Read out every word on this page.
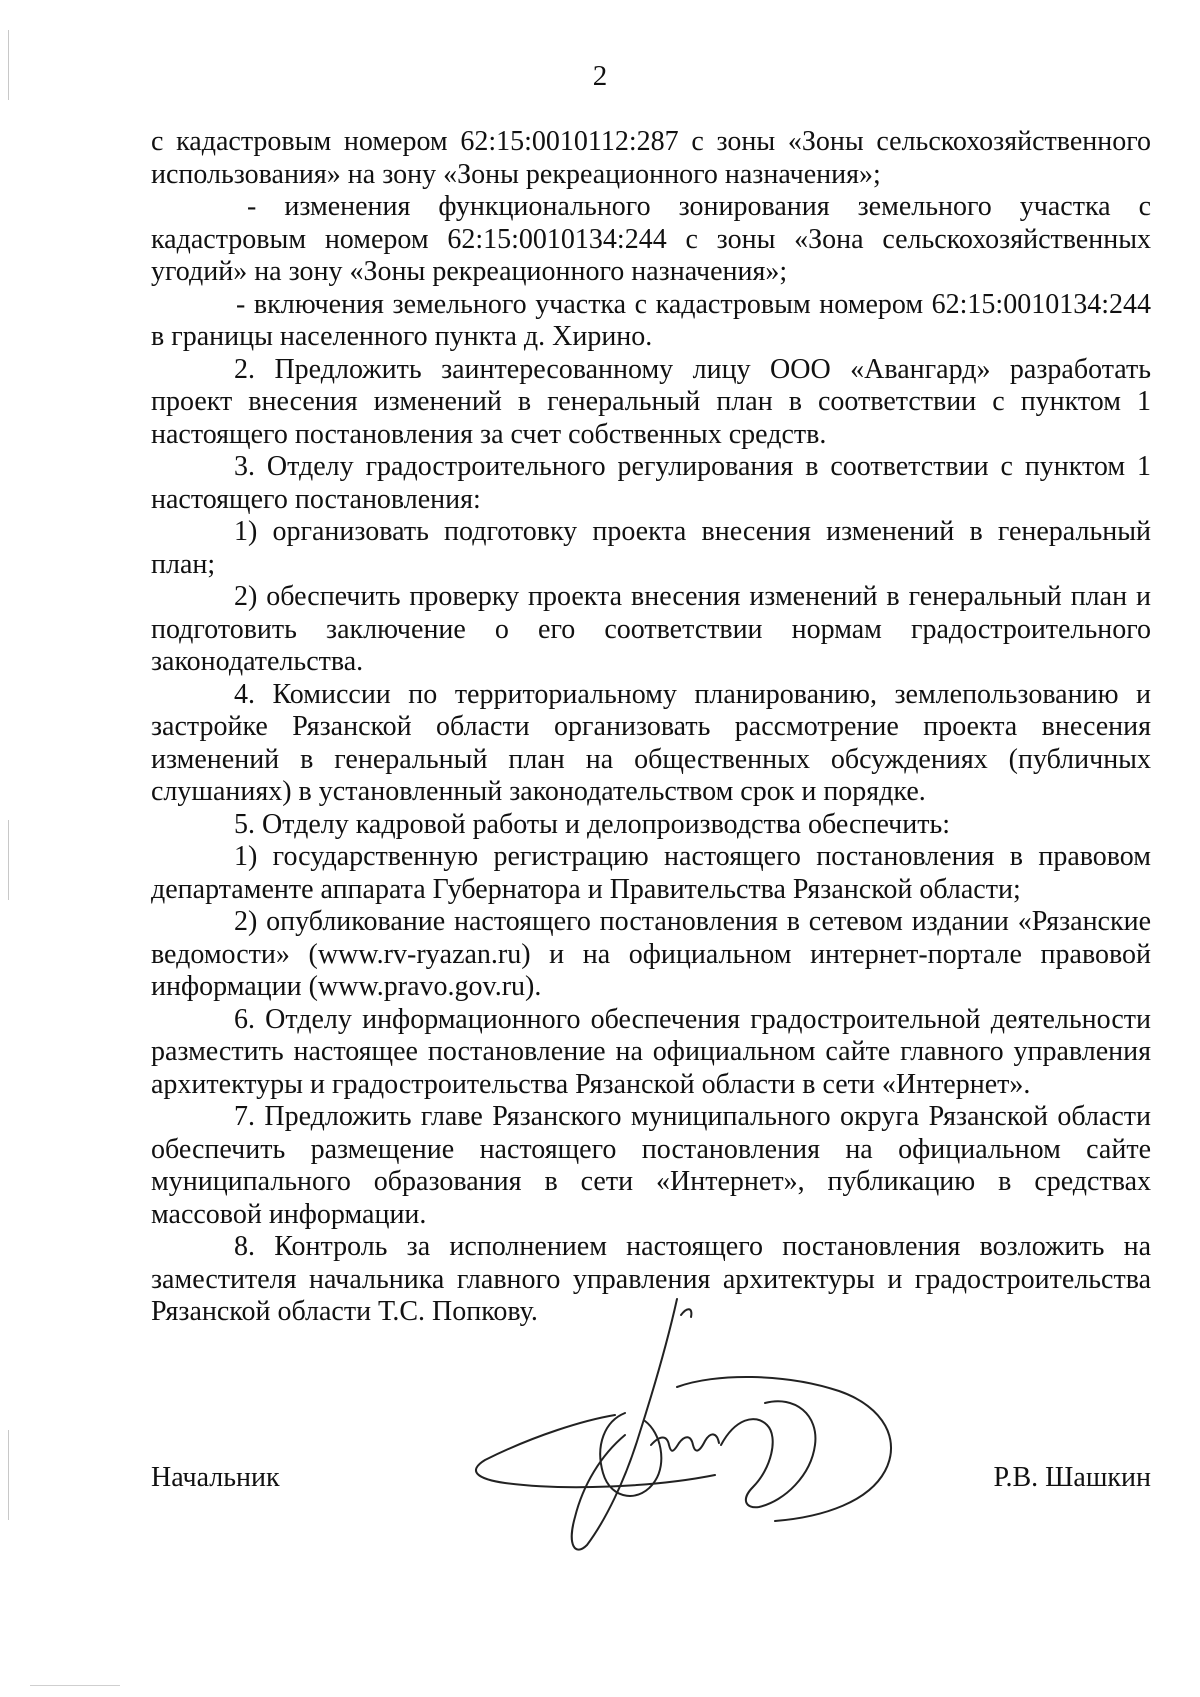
2

с кадастровым номером 62:15:0010112:287 с зоны «Зоны сельскохозяйственного использования» на зону «Зоны рекреационного назначения»;

- изменения функционального зонирования земельного участка с кадастровым номером 62:15:0010134:244 с зоны «Зона сельскохозяйственных угодий» на зону «Зоны рекреационного назначения»;

- включения земельного участка с кадастровым номером 62:15:0010134:244 в границы населенного пункта д. Хирино.

2. Предложить заинтересованному лицу ООО «Авангард» разработать проект внесения изменений в генеральный план в соответствии с пунктом 1 настоящего постановления за счет собственных средств.

3. Отделу градостроительного регулирования в соответствии с пунктом 1 настоящего постановления:

1) организовать подготовку проекта внесения изменений в генеральный план;

2) обеспечить проверку проекта внесения изменений в генеральный план и подготовить заключение о его соответствии нормам градостроительного законодательства.

4. Комиссии по территориальному планированию, землепользованию и застройке Рязанской области организовать рассмотрение проекта внесения изменений в генеральный план на общественных обсуждениях (публичных слушаниях) в установленный законодательством срок и порядке.

5. Отделу кадровой работы и делопроизводства обеспечить:

1) государственную регистрацию настоящего постановления в правовом департаменте аппарата Губернатора и Правительства Рязанской области;

2) опубликование настоящего постановления в сетевом издании «Рязанские ведомости» (www.rv-ryazan.ru) и на официальном интернет-портале правовой информации (www.pravo.gov.ru).

6. Отделу информационного обеспечения градостроительной деятельности разместить настоящее постановление на официальном сайте главного управления архитектуры и градостроительства Рязанской области в сети «Интернет».

7. Предложить главе Рязанского муниципального округа Рязанской области обеспечить размещение настоящего постановления на официальном сайте муниципального образования в сети «Интернет», публикацию в средствах массовой информации.

8. Контроль за исполнением настоящего постановления возложить на заместителя начальника главного управления архитектуры и градостроительства Рязанской области Т.С. Попкову.

Начальник	Р.В. Шашкин
